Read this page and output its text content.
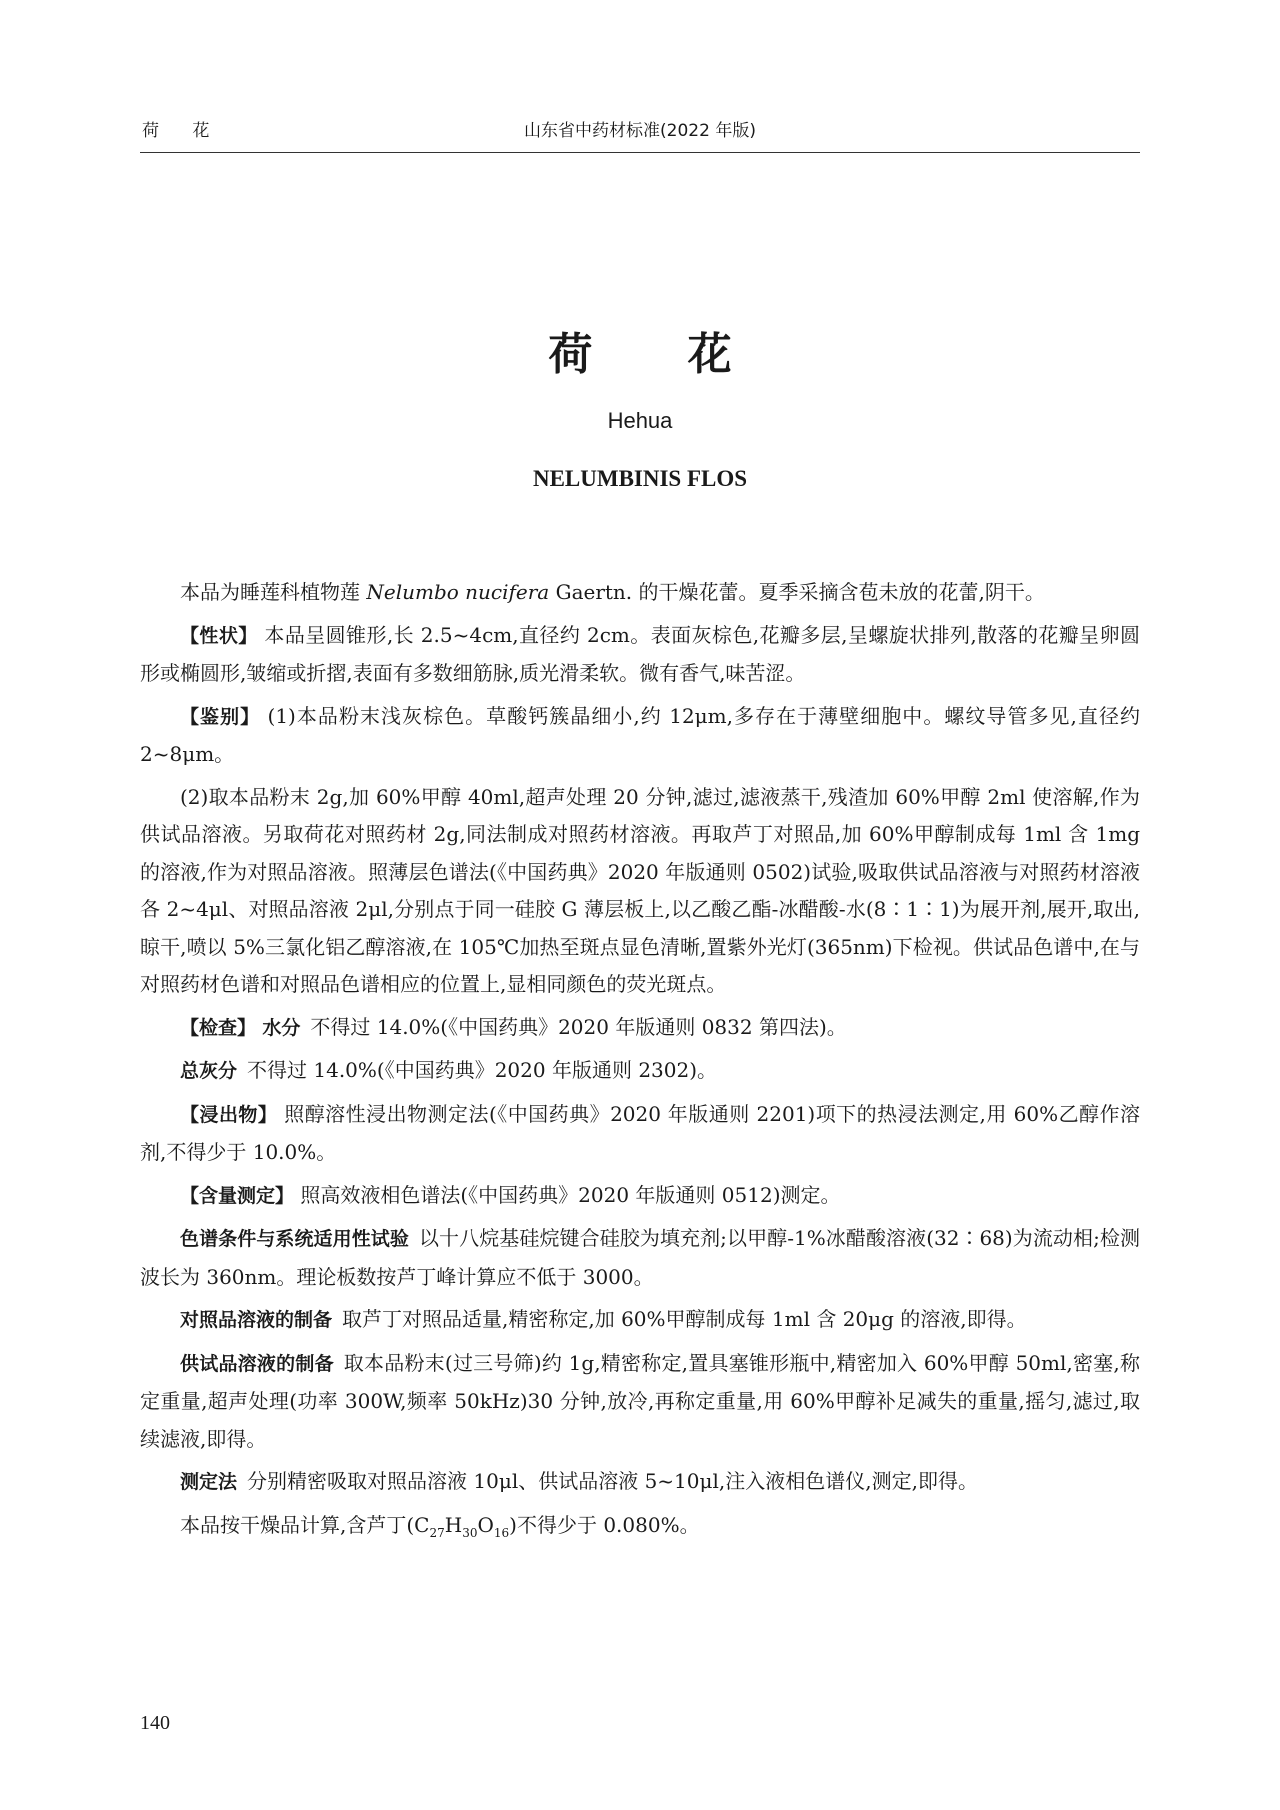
荷 花	山东省中药材标准(2022 年版)
荷 花
Hehua
NELUMBINIS FLOS

本品为睡莲科植物莲 Nelumbo nucifera Gaertn. 的干燥花蕾。夏季采摘含苞未放的花蕾,阴干。

【性状】 本品呈圆锥形,长 2.5~4cm,直径约 2cm。表面灰棕色,花瓣多层,呈螺旋状排列,散落的花瓣呈卵圆形或椭圆形,皱缩或折摺,表面有多数细筋脉,质光滑柔软。微有香气,味苦涩。

【鉴别】 (1)本品粉末浅灰棕色。草酸钙簇晶细小,约 12μm,多存在于薄壁细胞中。螺纹导管多见,直径约 2~8μm。

(2)取本品粉末 2g,加 60%甲醇 40ml,超声处理 20 分钟,滤过,滤液蒸干,残渣加 60%甲醇 2ml 使溶解,作为供试品溶液。另取荷花对照药材 2g,同法制成对照药材溶液。再取芦丁对照品,加 60%甲醇制成每 1ml 含 1mg 的溶液,作为对照品溶液。照薄层色谱法(《中国药典》2020 年版通则 0502)试验,吸取供试品溶液与对照药材溶液各 2~4μl、对照品溶液 2μl,分别点于同一硅胶 G 薄层板上,以乙酸乙酯-冰醋酸-水(8∶1∶1)为展开剂,展开,取出,晾干,喷以 5%三氯化铝乙醇溶液,在 105℃加热至斑点显色清晰,置紫外光灯(365nm)下检视。供试品色谱中,在与对照药材色谱和对照品色谱相应的位置上,显相同颜色的荧光斑点。

【检查】 水分 不得过 14.0%(《中国药典》2020 年版通则 0832 第四法)。

总灰分 不得过 14.0%(《中国药典》2020 年版通则 2302)。

【浸出物】 照醇溶性浸出物测定法(《中国药典》2020 年版通则 2201)项下的热浸法测定,用 60%乙醇作溶剂,不得少于 10.0%。

【含量测定】 照高效液相色谱法(《中国药典》2020 年版通则 0512)测定。

色谱条件与系统适用性试验 以十八烷基硅烷键合硅胶为填充剂;以甲醇-1%冰醋酸溶液(32∶68)为流动相;检测波长为 360nm。理论板数按芦丁峰计算应不低于 3000。

对照品溶液的制备 取芦丁对照品适量,精密称定,加 60%甲醇制成每 1ml 含 20μg 的溶液,即得。

供试品溶液的制备 取本品粉末(过三号筛)约 1g,精密称定,置具塞锥形瓶中,精密加入 60%甲醇 50ml,密塞,称定重量,超声处理(功率 300W,频率 50kHz)30 分钟,放冷,再称定重量,用 60%甲醇补足减失的重量,摇匀,滤过,取续滤液,即得。

测定法 分别精密吸取对照品溶液 10μl、供试品溶液 5~10μl,注入液相色谱仪,测定,即得。

本品按干燥品计算,含芦丁$(C_{27}H_{30}O_{16})$不得少于 0.080%。

140
